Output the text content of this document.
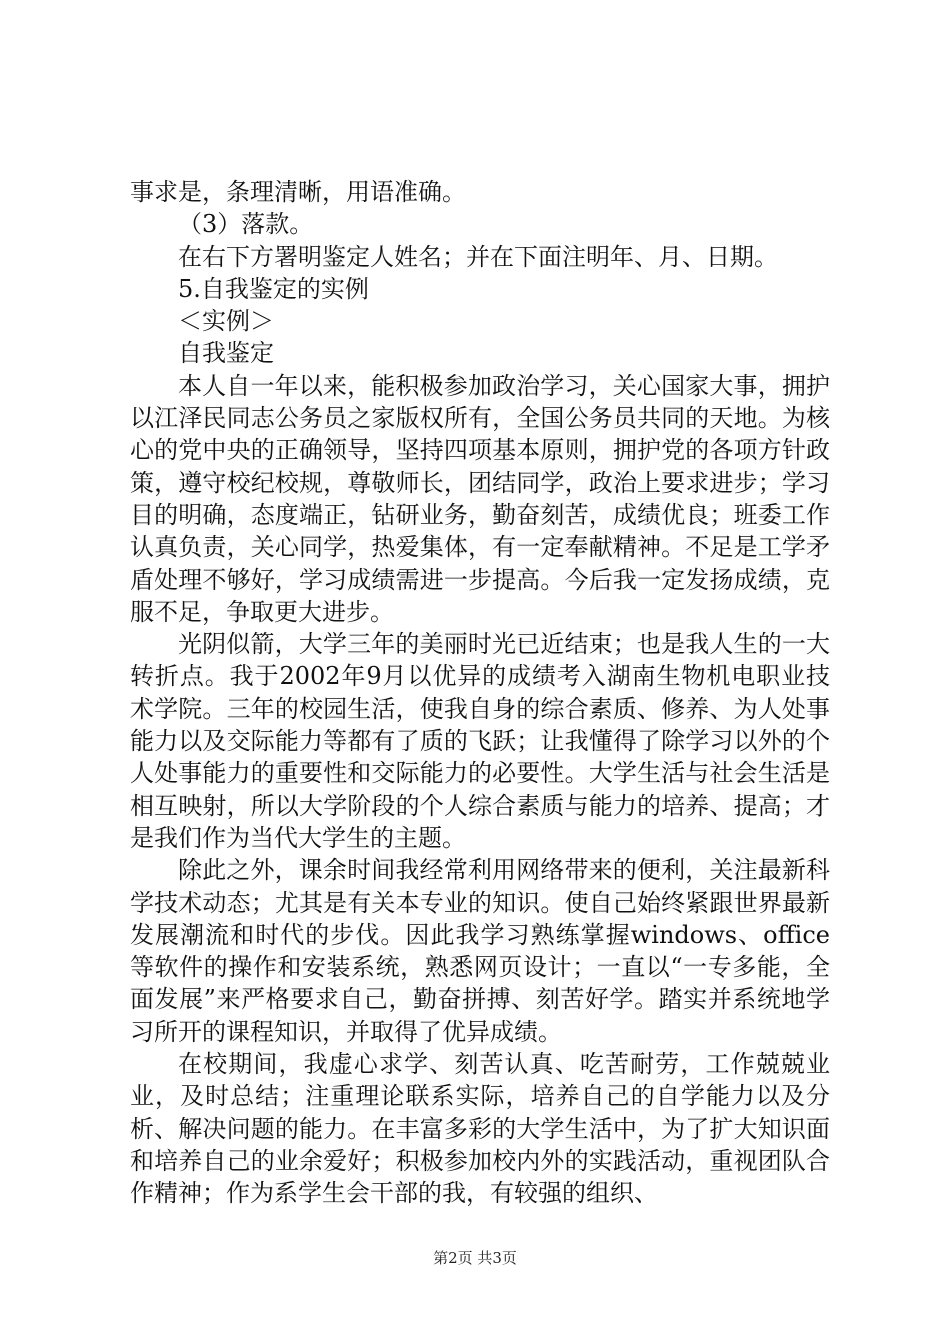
事求是，条理清晰，用语准确。

（3）落款。

在右下方署明鉴定人姓名；并在下面注明年、月、日期。

5.自我鉴定的实例

＜实例＞

自我鉴定

本人自一年以来，能积极参加政治学习，关心国家大事，拥护以江泽民同志公务员之家版权所有，全国公务员共同的天地。为核心的党中央的正确领导，坚持四项基本原则，拥护党的各项方针政策，遵守校纪校规，尊敬师长，团结同学，政治上要求进步；学习目的明确，态度端正，钻研业务，勤奋刻苦，成绩优良；班委工作认真负责，关心同学，热爱集体，有一定奉献精神。不足是工学矛盾处理不够好，学习成绩需进一步提高。今后我一定发扬成绩，克服不足，争取更大进步。

光阴似箭，大学三年的美丽时光已近结束；也是我人生的一大转折点。我于2002年9月以优异的成绩考入湖南生物机电职业技术学院。三年的校园生活，使我自身的综合素质、修养、为人处事能力以及交际能力等都有了质的飞跃；让我懂得了除学习以外的个人处事能力的重要性和交际能力的必要性。大学生活与社会生活是相互映射，所以大学阶段的个人综合素质与能力的培养、提高；才是我们作为当代大学生的主题。

除此之外，课余时间我经常利用网络带来的便利，关注最新科学技术动态；尤其是有关本专业的知识。使自己始终紧跟世界最新发展潮流和时代的步伐。因此我学习熟练掌握windows、office等软件的操作和安装系统，熟悉网页设计；一直以“一专多能，全面发展”来严格要求自己，勤奋拼搏、刻苦好学。踏实并系统地学习所开的课程知识，并取得了优异成绩。

在校期间，我虚心求学、刻苦认真、吃苦耐劳，工作兢兢业业，及时总结；注重理论联系实际，培养自己的自学能力以及分析、解决问题的能力。在丰富多彩的大学生活中，为了扩大知识面和培养自己的业余爱好；积极参加校内外的实践活动，重视团队合作精神；作为系学生会干部的我，有较强的组织、

第2页 共3页
